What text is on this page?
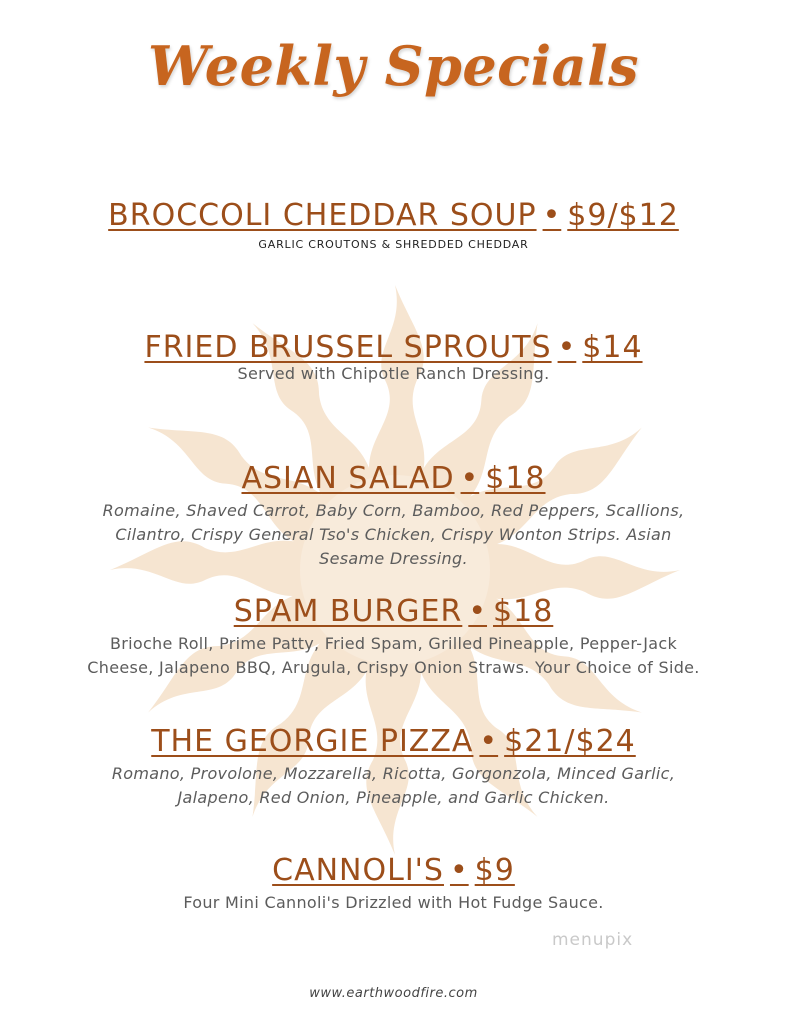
Weekly Specials
BROCCOLI CHEDDAR SOUP • $9/$12
GARLIC CROUTONS & SHREDDED CHEDDAR
FRIED BRUSSEL SPROUTS • $14
Served with Chipotle Ranch Dressing.
ASIAN SALAD • $18
Romaine, Shaved Carrot, Baby Corn, Bamboo, Red Peppers, Scallions, Cilantro, Crispy General Tso's Chicken, Crispy Wonton Strips. Asian Sesame Dressing.
SPAM BURGER • $18
Brioche Roll, Prime Patty, Fried Spam, Grilled Pineapple, Pepper-Jack Cheese, Jalapeno BBQ, Arugula, Crispy Onion Straws. Your Choice of Side.
THE GEORGIE PIZZA • $21/$24
Romano, Provolone, Mozzarella, Ricotta, Gorgonzola, Minced Garlic, Jalapeno, Red Onion, Pineapple, and Garlic Chicken.
CANNOLI'S • $9
Four Mini Cannoli's Drizzled with Hot Fudge Sauce.
menupix
www.earthwoodfire.com
